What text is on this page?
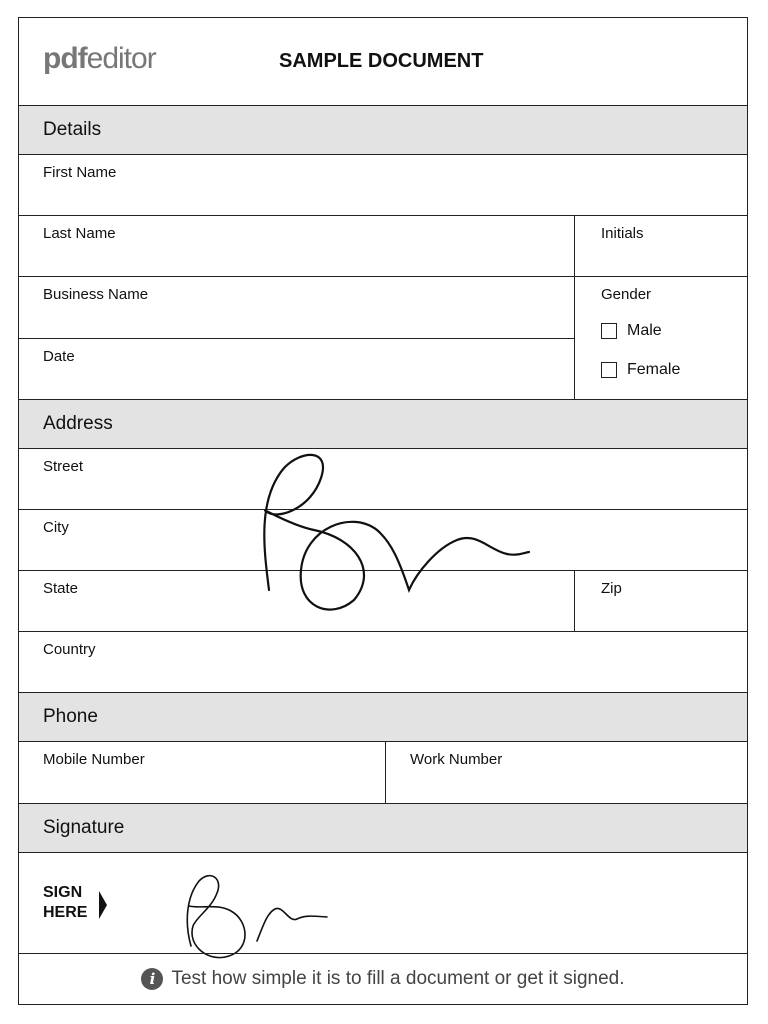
pdfeditor	SAMPLE DOCUMENT
Details
First Name
Last Name	Initials
Business Name
Date
Gender
Male
Female
Address
Street
City
State	Zip
Country
Phone
Mobile Number	Work Number
Signature
SIGN
HERE
i Test how simple it is to fill a document or get it signed.
